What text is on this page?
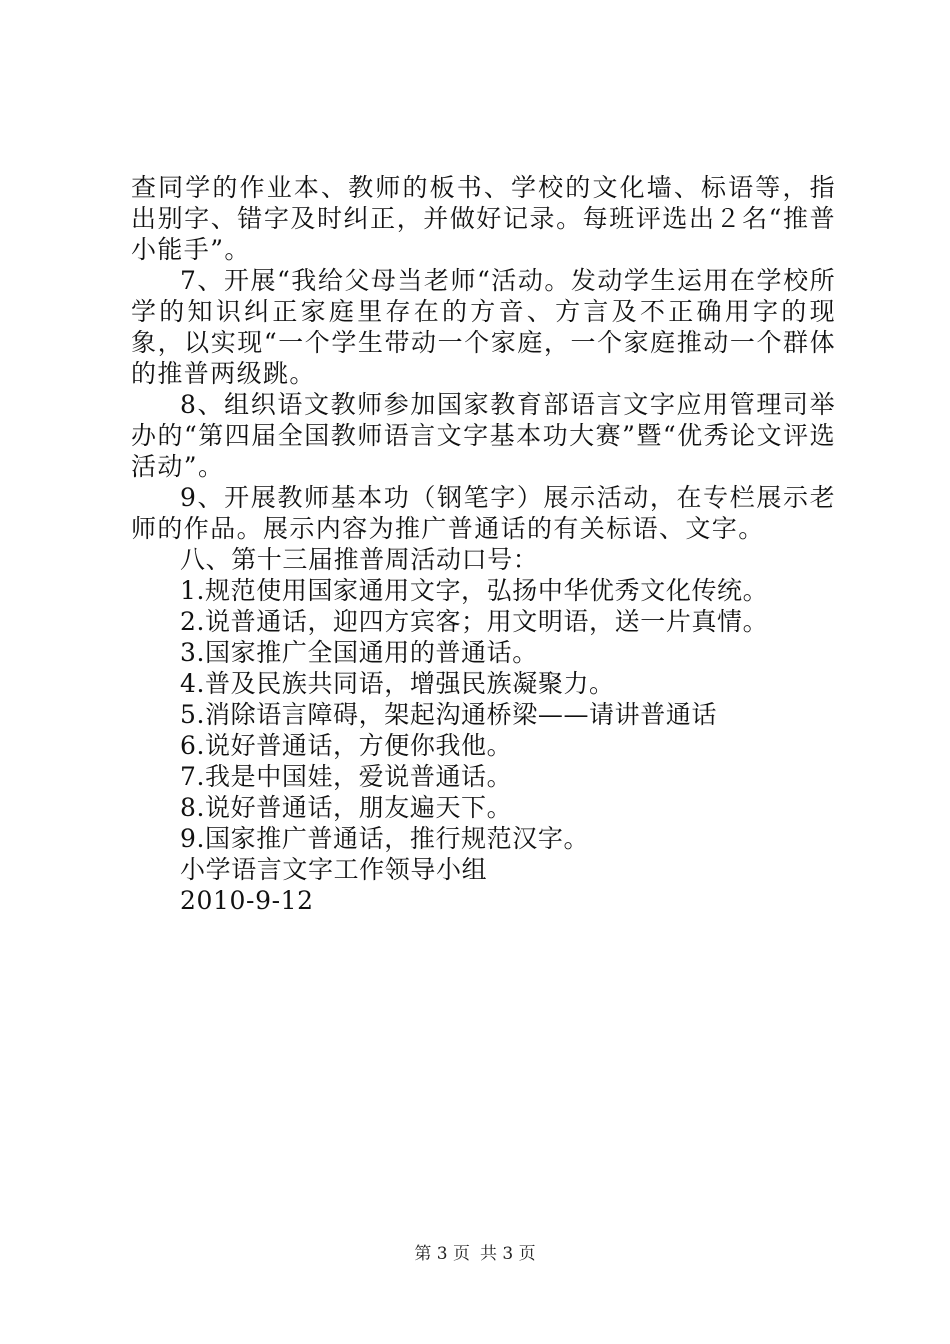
查同学的作业本、教师的板书、学校的文化墙、标语等，指出别字、错字及时纠正，并做好记录。每班评选出２名“推普小能手”。

7、开展“我给父母当老师“活动。发动学生运用在学校所学的知识纠正家庭里存在的方音、方言及不正确用字的现象，以实现“一个学生带动一个家庭，一个家庭推动一个群体的推普两级跳。

8、组织语文教师参加国家教育部语言文字应用管理司举办的“第四届全国教师语言文字基本功大赛”暨“优秀论文评选活动”。

9、开展教师基本功（钢笔字）展示活动，在专栏展示老师的作品。展示内容为推广普通话的有关标语、文字。

八、第十三届推普周活动口号：

1.规范使用国家通用文字，弘扬中华优秀文化传统。

2.说普通话，迎四方宾客；用文明语，送一片真情。

3.国家推广全国通用的普通话。

4.普及民族共同语，增强民族凝聚力。

5.消除语言障碍，架起沟通桥梁——请讲普通话

6.说好普通话，方便你我他。

7.我是中国娃，爱说普通话。

8.说好普通话，朋友遍天下。

9.国家推广普通话，推行规范汉字。

小学语言文字工作领导小组

2010-9-12

第 3 页 共 3 页
